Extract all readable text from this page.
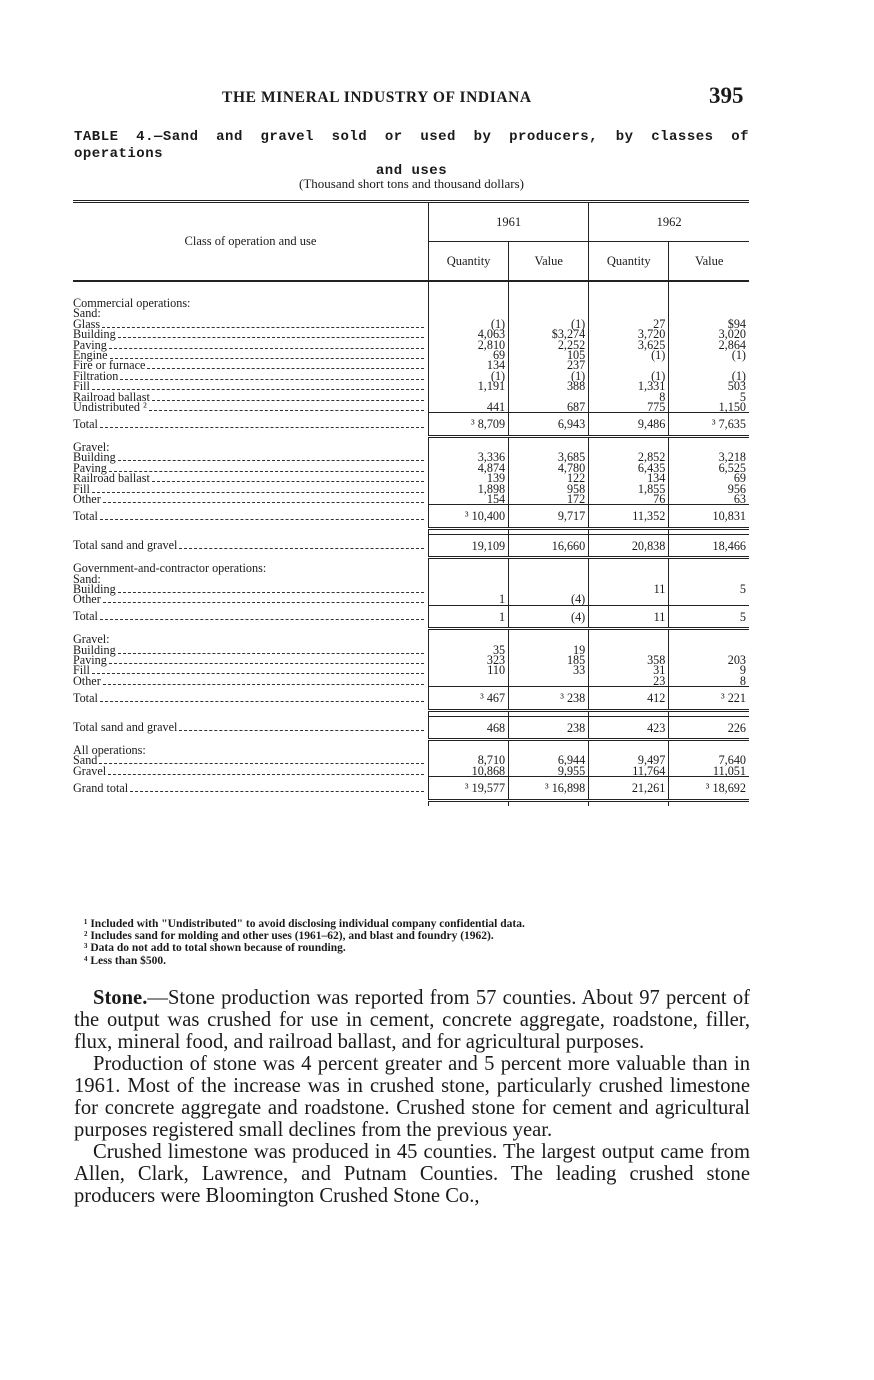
THE MINERAL INDUSTRY OF INDIANA	395
TABLE 4.—Sand and gravel sold or used by producers, by classes of operations
and uses
(Thousand short tons and thousand dollars)
Class of operation and use	1961		1962	
	Quantity	Value	Quantity	Value

Commercial operations:				

Sand:				

Glass	(1)	(1)	27	$94

Building	4,063	$3,274	3,720	3,020

Paving	2,810	2,252	3,625	2,864

Engine	69	105	(1)	(1)

Fire or furnace	134	237		

Filtration	(1)	(1)	(1)	(1)

Fill	1,191	388	1,331	503

Railroad ballast			8	5

Undistributed ²	441	687	775	1,150

Total	³ 8,709	6,943	9,486	³ 7,635

Gravel:				

Building	3,336	3,685	2,852	3,218

Paving	4,874	4,780	6,435	6,525

Railroad ballast	139	122	134	69

Fill	1,898	958	1,855	956

Other	154	172	76	63

Total	³ 10,400	9,717	11,352	10,831

Total sand and gravel	19,109	16,660	20,838	18,466

Government-and-contractor operations:				

Sand:				

Building			11	5

Other	1	(4)		

Total	1	(4)	11	5

Gravel:				

Building	35	19		

Paving	323	185	358	203

Fill	110	33	31	9

Other			23	8

Total	³ 467	³ 238	412	³ 221

Total sand and gravel	468	238	423	226

All operations:				

Sand	8,710	6,944	9,497	7,640

Gravel	10,868	9,955	11,764	11,051

Grand total	³ 19,577	³ 16,898	21,261	³ 18,692

¹ Included with "Undistributed" to avoid disclosing individual company confidential data.
² Includes sand for molding and other uses (1961–62), and blast and foundry (1962).
³ Data do not add to total shown because of rounding.
⁴ Less than $500.

Stone.—Stone production was reported from 57 counties. About 97 percent of the output was crushed for use in cement, concrete aggregate, roadstone, filler, flux, mineral food, and railroad ballast, and for agricultural purposes.

Production of stone was 4 percent greater and 5 percent more valuable than in 1961. Most of the increase was in crushed stone, particularly crushed limestone for concrete aggregate and roadstone. Crushed stone for cement and agricultural purposes registered small declines from the previous year.

Crushed limestone was produced in 45 counties. The largest output came from Allen, Clark, Lawrence, and Putnam Counties. The leading crushed stone producers were Bloomington Crushed Stone Co.,
